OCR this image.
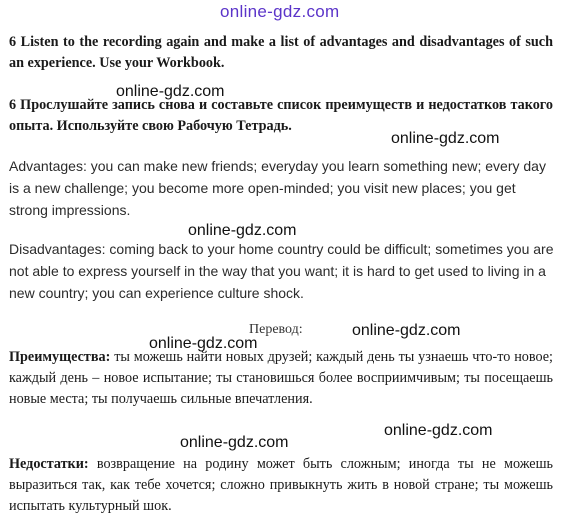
online-gdz.com

6 Listen to the recording again and make a list of advantages and disadvantages of such an experience. Use your Workbook.

6 Прослушайте запись снова и составьте список преимуществ и недостатков такого опыта. Используйте свою Рабочую Тетрадь.

Advantages: you can make new friends; everyday you learn something new; every day is a new challenge; you become more open-minded; you visit new places; you get strong impressions.

Disadvantages: coming back to your home country could be difficult; sometimes you are not able to express yourself in the way that you want; it is hard to get used to living in a new country; you can experience culture shock.

Перевод:

Преимущества: ты можешь найти новых друзей; каждый день ты узнаешь что-то новое; каждый день – новое испытание; ты становишься более восприимчивым; ты посещаешь новые места; ты получаешь сильные впечатления.

Недостатки: возвращение на родину может быть сложным; иногда ты не можешь выразиться так, как тебе хочется; сложно привыкнуть жить в новой стране; ты можешь испытать культурный шок.

online-gdz.com
online-gdz.com
online-gdz.com
online-gdz.com
online-gdz.com
online-gdz.com
online-gdz.com
